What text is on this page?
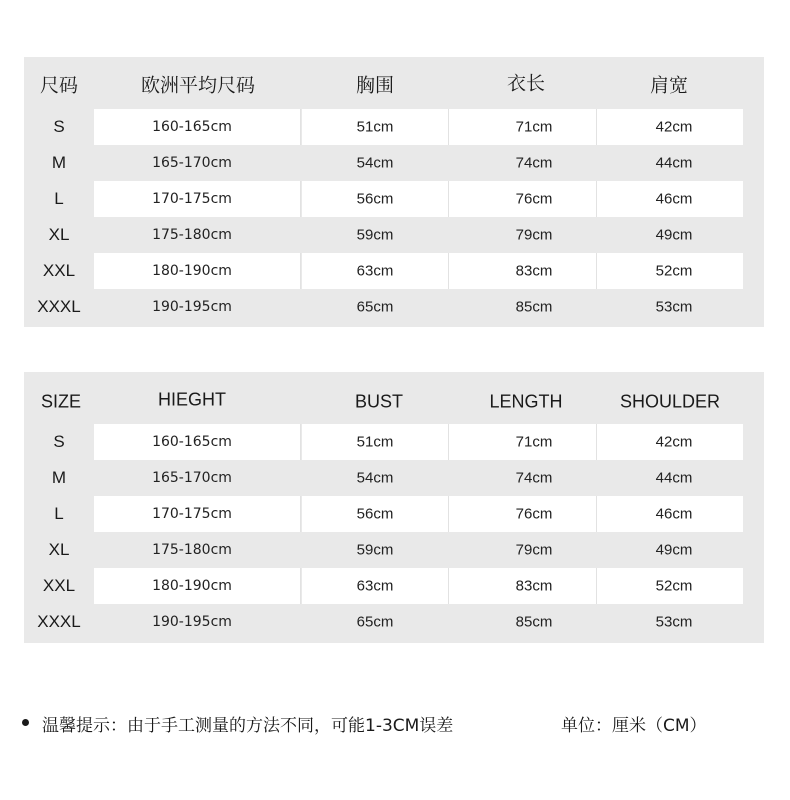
尺码	欧洲平均尺码	胸围	衣长	肩宽
S	160-165cm	51cm	71cm	42cm
M	165-170cm	54cm	74cm	44cm
L	170-175cm	56cm	76cm	46cm
XL	175-180cm	59cm	79cm	49cm
XXL	180-190cm	63cm	83cm	52cm
XXXL	190-195cm	65cm	85cm	53cm
SIZE	HIEGHT	BUST	LENGTH	SHOULDER
S	160-165cm	51cm	71cm	42cm
M	165-170cm	54cm	74cm	44cm
L	170-175cm	56cm	76cm	46cm
XL	175-180cm	59cm	79cm	49cm
XXL	180-190cm	63cm	83cm	52cm
XXXL	190-195cm	65cm	85cm	53cm
温馨提示：由于手工测量的方法不同，可能1-3CM误差	单位：厘米（CM）
